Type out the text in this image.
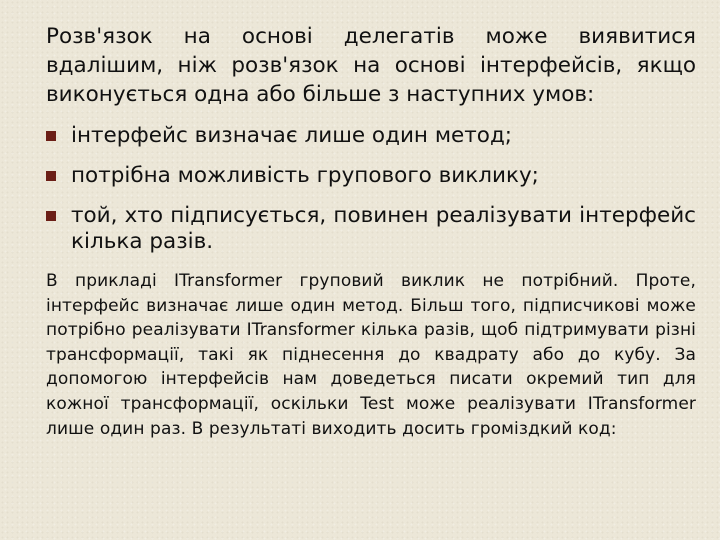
Розв'язок на основі делегатів може виявитися вдалішим, ніж розв'язок на основі інтерфейсів, якщо виконується одна або більше з наступних умов:

інтерфейс визначає лише один метод;
потрібна можливість групового виклику;
той, хто підписується, повинен реалізувати інтерфейс кілька разів.

В прикладі ITransformer груповий виклик не потрібний. Проте, інтерфейс визначає лише один метод. Більш того, підписчикові може потрібно реалізувати ITransformer кілька разів, щоб підтримувати різні трансформації, такі як піднесення до квадрату або до кубу. За допомогою інтерфейсів нам доведеться писати окремий тип для кожної трансформації, оскільки Test може реалізувати ITransformer лише один раз. В результаті виходить досить громіздкий код:
